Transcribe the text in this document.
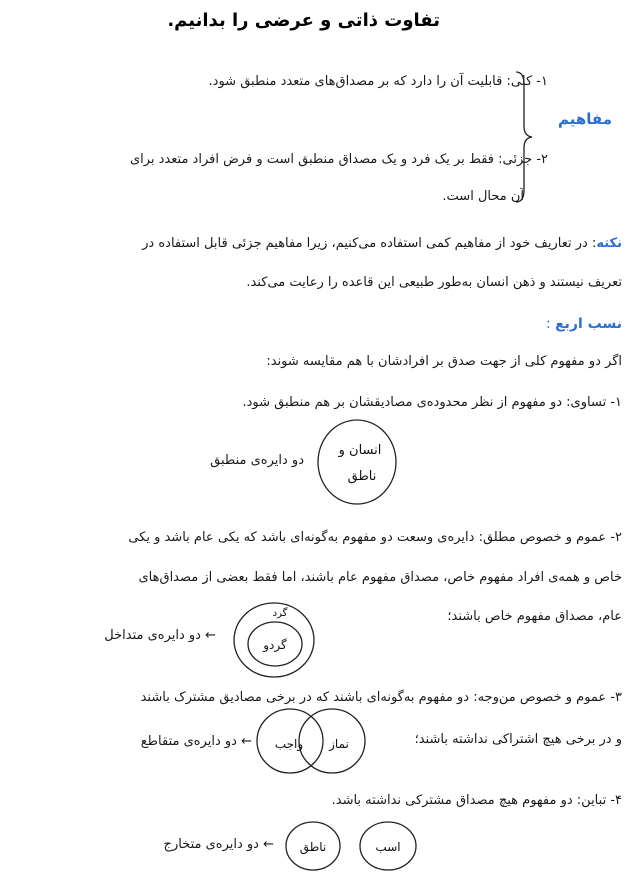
تفاوت ذاتی و عرضی را بدانیم.
۱- کلی: قابلیت آن را دارد که بر مصداق‌های متعدد منطبق شود.
مفاهیم
۲- جزئی: فقط بر یک فرد و یک مصداق منطبق است و فرض افراد متعدد برای
آن محال است.
نکته: در تعاریف خود از مفاهیم کمی استفاده می‌کنیم، زیرا مفاهیم جزئی قابل استفاده در
تعریف نیستند و ذهن انسان به‌طور طبیعی این قاعده را رعایت می‌کند.
نسب اربع :
اگر دو مفهوم کلی از جهت صدق بر افرادشان با هم مقایسه شوند:
۱- تساوی: دو مفهوم از نظر محدوده‌ی مصادیقشان بر هم منطبق شود.
انسان و
ناطق
دو دایره‌ی منطبق
۲- عموم و خصوص مطلق: دایره‌ی وسعت دو مفهوم به‌گونه‌ای باشد که یکی عام باشد و یکی
خاص و همه‌ی افراد مفهوم خاص، مصداق مفهوم عام باشند، اما فقط بعضی از مصداق‌های
عام، مصداق مفهوم خاص باشند؛
گرد
گردو
← دو دایره‌ی متداخل
۳- عموم و خصوص من‌وجه: دو مفهوم به‌گونه‌ای باشند که در برخی مصادیق مشترک باشند
و در برخی هیچ اشتراکی نداشته باشند؛
نماز
واجب
← دو دایره‌ی متقاطع
۴- تباین: دو مفهوم هیچ مصداق مشترکی نداشته باشد.
اسب
ناطق
← دو دایره‌ی متخارج
